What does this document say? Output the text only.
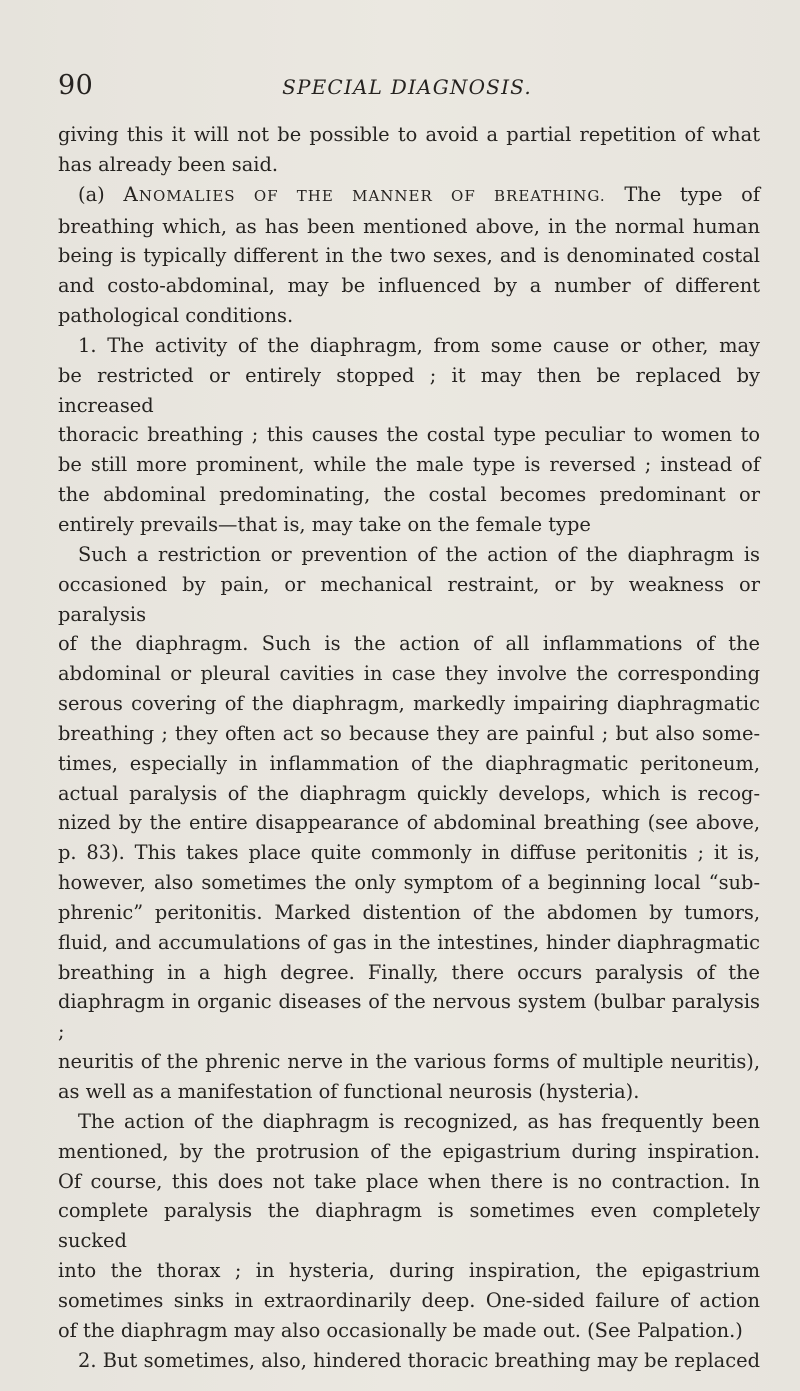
90	SPECIAL DIAGNOSIS.

giving this it will not be possible to avoid a partial repetition of what

has already been said.

(a) ANOMALIES OF THE MANNER OF BREATHING. The type of

breathing which, as has been mentioned above, in the normal human

being is typically different in the two sexes, and is denominated costal

and costo-abdominal, may be influenced by a number of different

pathological conditions.

1. The activity of the diaphragm, from some cause or other, may

be restricted or entirely stopped ; it may then be replaced by increased

thoracic breathing ; this causes the costal type peculiar to women to

be still more prominent, while the male type is reversed ; instead of

the abdominal predominating, the costal becomes predominant or

entirely prevails—that is, may take on the female type

Such a restriction or prevention of the action of the diaphragm is

occasioned by pain, or mechanical restraint, or by weakness or paralysis

of the diaphragm. Such is the action of all inflammations of the

abdominal or pleural cavities in case they involve the corresponding

serous covering of the diaphragm, markedly impairing diaphragmatic

breathing ; they often act so because they are painful ; but also some-

times, especially in inflammation of the diaphragmatic peritoneum,

actual paralysis of the diaphragm quickly develops, which is recog-

nized by the entire disappearance of abdominal breathing (see above,

p. 83). This takes place quite commonly in diffuse peritonitis ; it is,

however, also sometimes the only symptom of a beginning local “sub-

phrenic” peritonitis. Marked distention of the abdomen by tumors,

fluid, and accumulations of gas in the intestines, hinder diaphragmatic

breathing in a high degree. Finally, there occurs paralysis of the

diaphragm in organic diseases of the nervous system (bulbar paralysis ;

neuritis of the phrenic nerve in the various forms of multiple neuritis),

as well as a manifestation of functional neurosis (hysteria).

The action of the diaphragm is recognized, as has frequently been

mentioned, by the protrusion of the epigastrium during inspiration.

Of course, this does not take place when there is no contraction. In

complete paralysis the diaphragm is sometimes even completely sucked

into the thorax ; in hysteria, during inspiration, the epigastrium

sometimes sinks in extraordinarily deep. One-sided failure of action

of the diaphragm may also occasionally be made out. (See Palpation.)

2. But sometimes, also, hindered thoracic breathing may be replaced
